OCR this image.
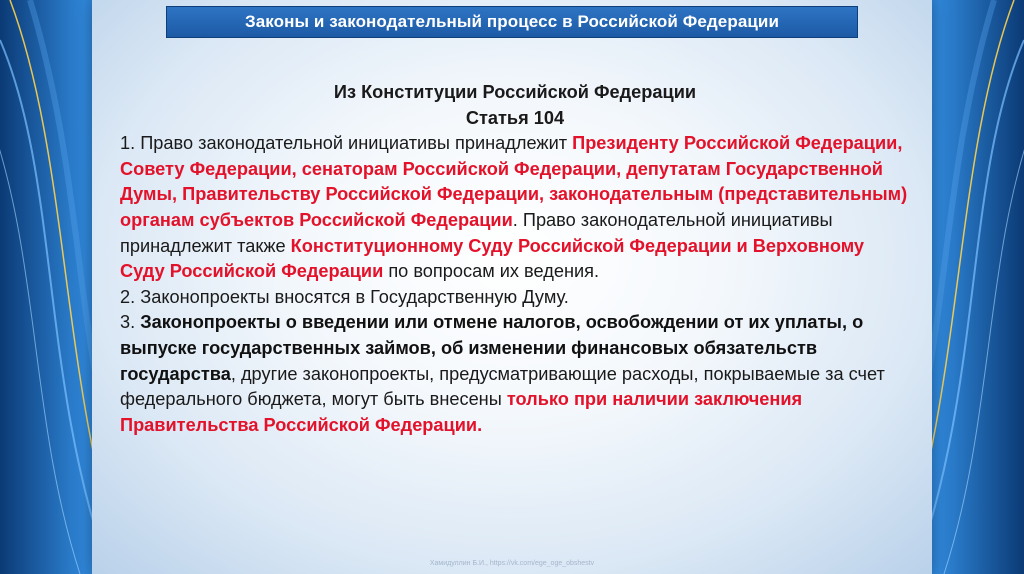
Законы и законодательный процесс в Российской Федерации

Из Конституции Российской Федерации

Статья 104

1. Право законодательной инициативы принадлежит Президенту Российской Федерации, Совету Федерации, сенаторам Российской Федерации, депутатам Государственной Думы, Правительству Российской Федерации, законодательным (представительным) органам субъектов Российской Федерации. Право законодательной инициативы принадлежит также Конституционному Суду Российской Федерации и Верховному Суду Российской Федерации по вопросам их ведения.

2. Законопроекты вносятся в Государственную Думу.

3. Законопроекты о введении или отмене налогов, освобождении от их уплаты, о выпуске государственных займов, об изменении финансовых обязательств государства, другие законопроекты, предусматривающие расходы, покрываемые за счет федерального бюджета, могут быть внесены только при наличии заключения Правительства Российской Федерации.

Хамидуллин Б.И., https://vk.com/ege_oge_obshestv
